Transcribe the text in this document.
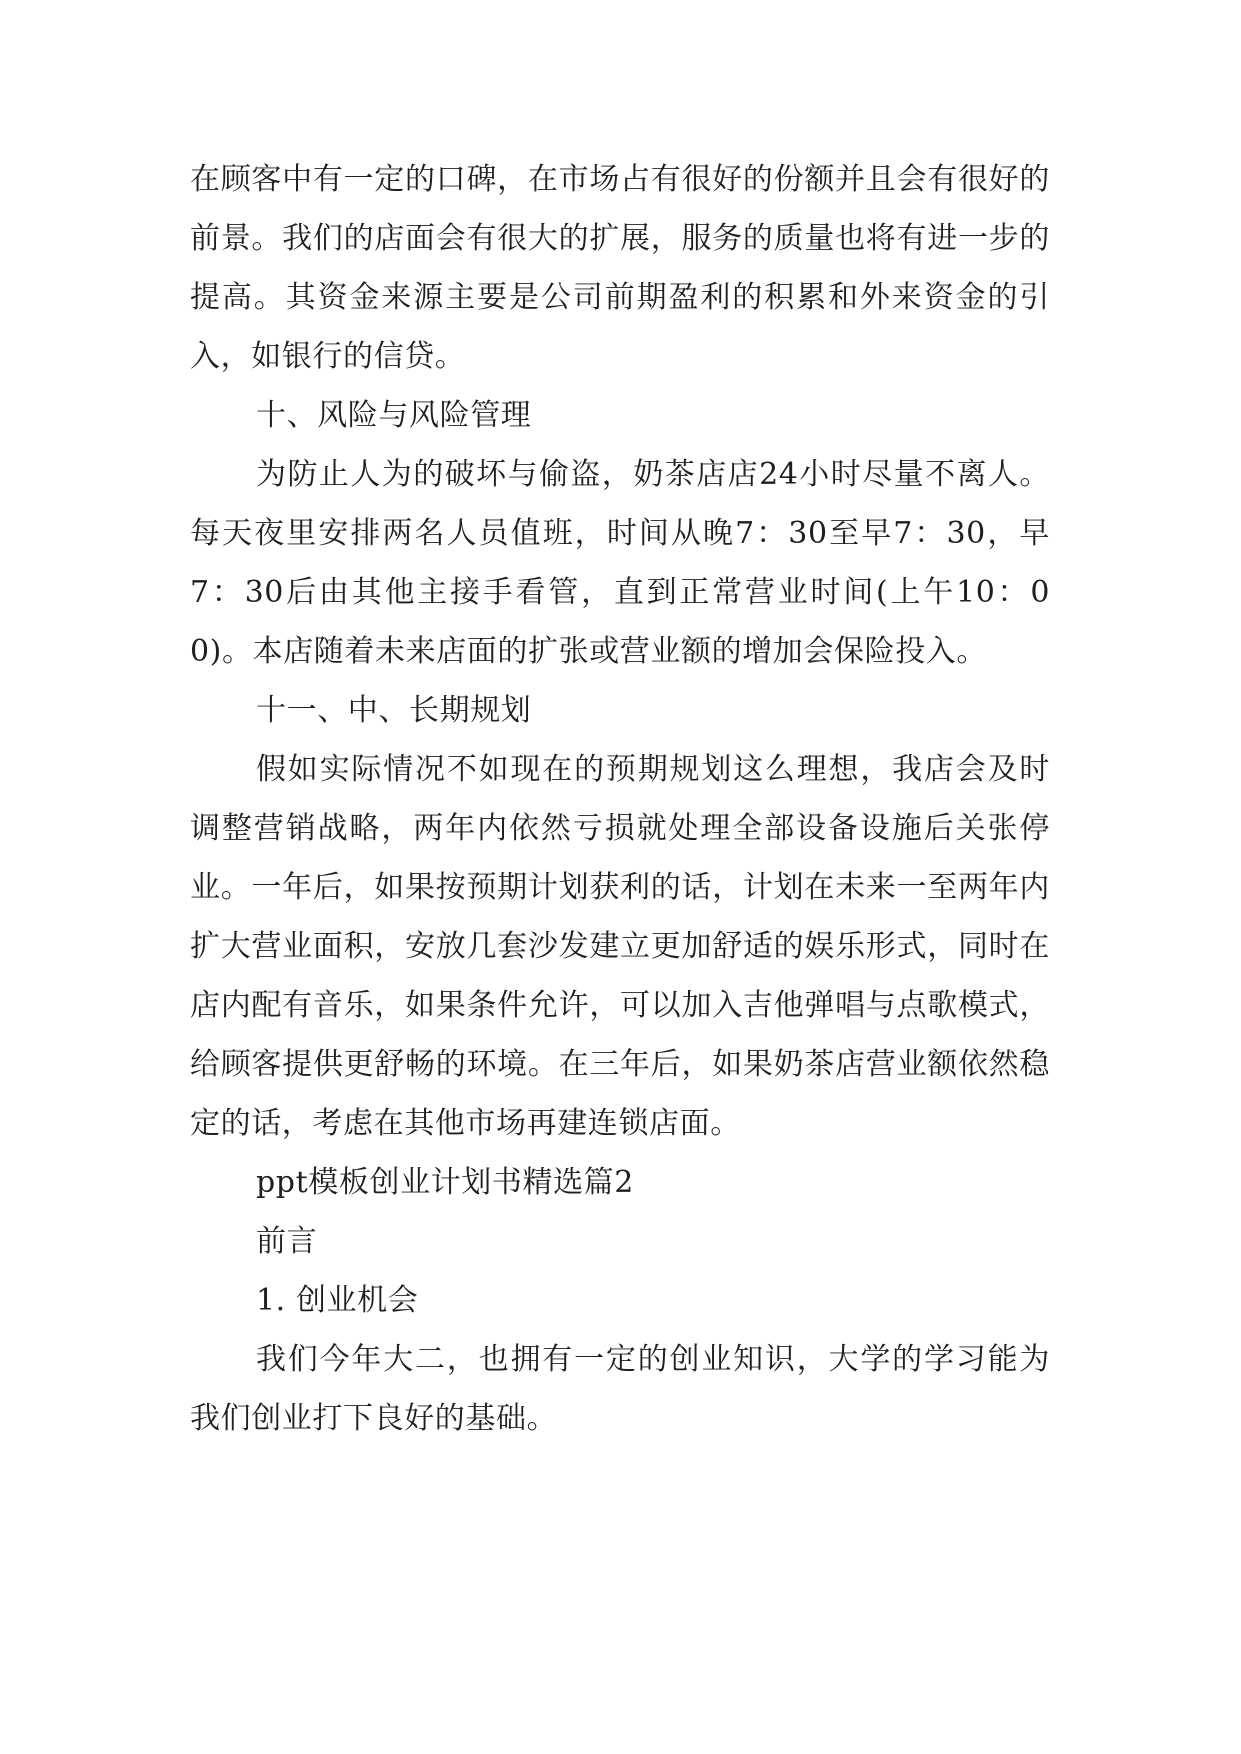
在顾客中有一定的口碑，在市场占有很好的份额并且会有很好的前景。我们的店面会有很大的扩展，服务的质量也将有进一步的提高。其资金来源主要是公司前期盈利的积累和外来资金的引入，如银行的信贷。

十、风险与风险管理

为防止人为的破坏与偷盗，奶茶店店24小时尽量不离人。每天夜里安排两名人员值班，时间从晚7：30至早7：30，早7：30后由其他主接手看管，直到正常营业时间(上午10：00)。本店随着未来店面的扩张或营业额的增加会保险投入。

十一、中、长期规划

假如实际情况不如现在的预期规划这么理想，我店会及时调整营销战略，两年内依然亏损就处理全部设备设施后关张停业。一年后，如果按预期计划获利的话，计划在未来一至两年内扩大营业面积，安放几套沙发建立更加舒适的娱乐形式，同时在店内配有音乐，如果条件允许，可以加入吉他弹唱与点歌模式，给顾客提供更舒畅的环境。在三年后，如果奶茶店营业额依然稳定的话，考虑在其他市场再建连锁店面。

ppt模板创业计划书精选篇2

前言

1. 创业机会

我们今年大二，也拥有一定的创业知识，大学的学习能为我们创业打下良好的基础。
